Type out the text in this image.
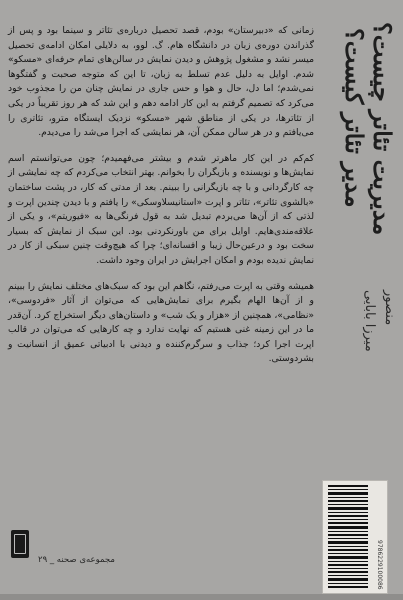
زمانی که «دبیرستان» بودم، قصد تحصیل درباره‌ی تئاتر و سینما بود و پس از گذراندن دوره‌ی زبان در دانشگاه هام. گ. لوو، به دلایلی امکان ادامه‌ی تحصیل میسر نشد و مشغول پژوهش و دیدن نمایش در سالن‌های تمام حرفه‌ای «مسکو» شدم. اوایل به دلیل عدم تسلط به زبان، تا این که متوجه صحبت و گفتگوها نمی‌شدم؛ اما دل، حال و هوا و حس جاری در نمایش چنان من را مجذوب خود می‌کرد که تصمیم گرفتم به این کار ادامه دهم و این شد که هر روز تقریباً در یکی از تئاترها، در یکی از مناطق شهر «مسکو» نزدیک ایستگاه مترو، تئاتری را می‌یافتم و در هر سالن ممکن آن، هر نمایشی که اجرا می‌شد را می‌دیدم.

کم‌کم در این کار ماهرتر شدم و بیشتر می‌فهمیدم؛ چون می‌توانستم اسم نمایش‌ها و نویسنده و بازیگران را بخوانم. بهتر انتخاب می‌کردم که چه نمایشی از چه کارگردانی و با چه بازیگرانی را ببینم. بعد از مدتی که کار، در پشت ساختمان «بالشوی تئاتر»، تئاتر و اپرت «استانیسلاوسکی» را یافتم و با دیدن چندین اپرت و لذتی که از آن‌ها می‌بردم تبدیل شد به قول فرنگی‌ها به «فیوریتم»، و یکی از علاقه‌مندی‌هایم. اوایل برای من باورنکردنی بود. این سبک از نمایش که بسیار سخت بود و درعین‌حال زیبا و افسانه‌ای؛ چرا که هیچ‌وقت چنین سبکی از کار در نمایش ندیده بودم و امکان اجرایش در ایران وجود داشت.

همیشه وقتی به اپرت می‌رفتم، نگاهم این بود که سبک‌های مختلف نمایش را ببینم و از آن‌ها الهام بگیرم برای نمایش‌هایی که می‌توان از آثار «فردوسی»، «نظامی»، همچنین از «هزار و یک شب» و داستان‌های دیگر استخراج کرد. آن‌قدر ما در این زمینه غنی هستیم که نهایت ندارد و چه کارهایی که می‌توان در قالب اپرت اجرا کرد؛ جذاب و سرگرم‌کننده و دیدنی با ادبیاتی عمیق از انسانیت و بشردوستی.

مدیریت تئاتر چیست؟
مدیر تئاتر کیست؟
منصور
میرزا بابایی
مجموعه‌ی صحنه _ ۲۹	9786229100086
